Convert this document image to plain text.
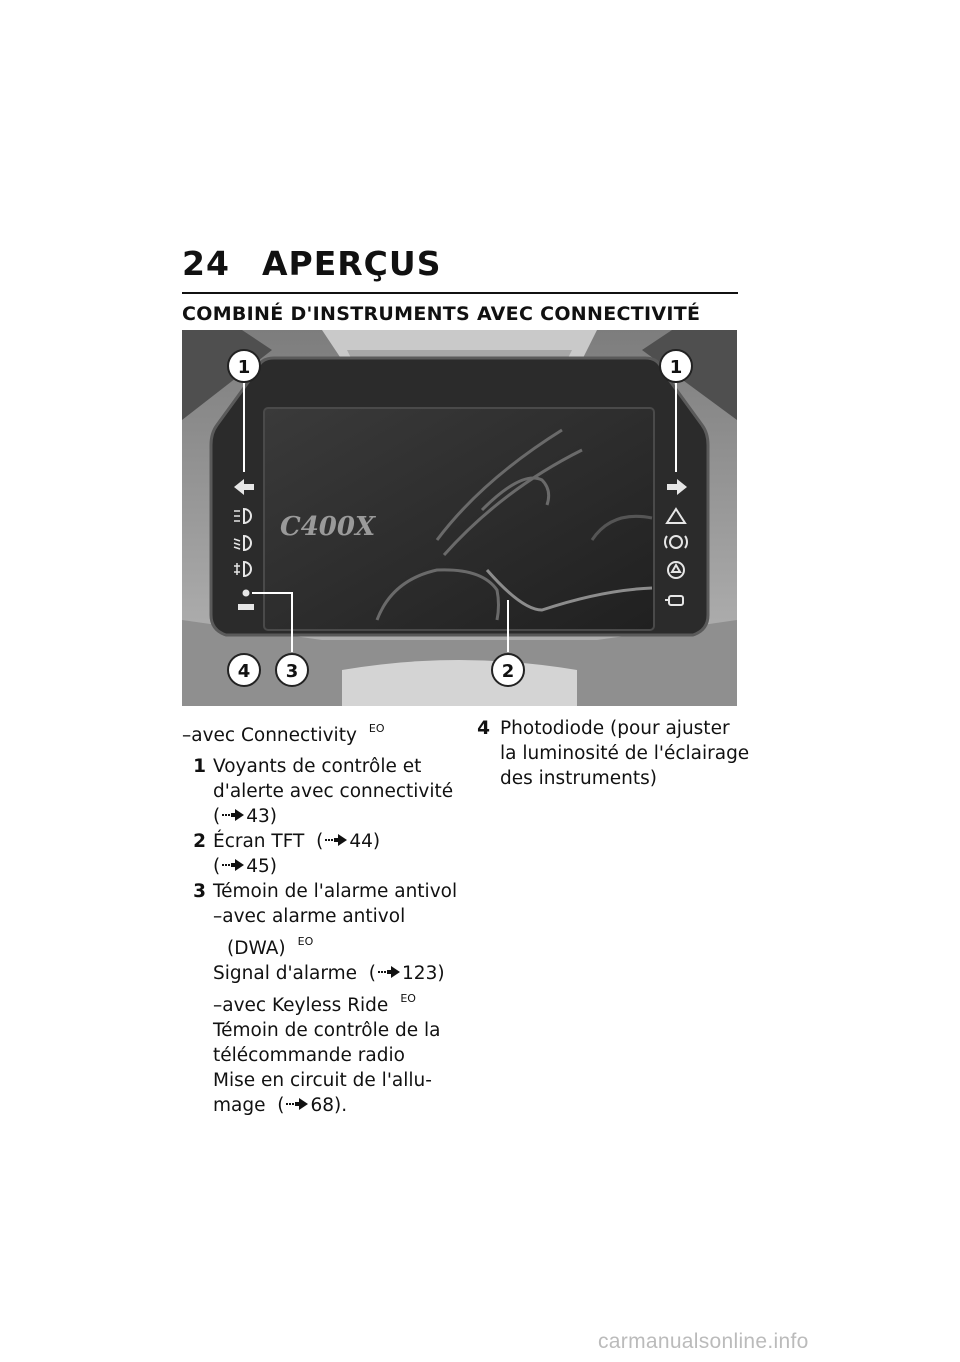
24 APERÇUS
COMBINÉ D'INSTRUMENTS AVEC CONNECTIVITÉ
C400X
1	1
2
3
4
–avec Connectivity $^{EO}$
1 Voyants de contrôle et
d'alerte avec connectivité
( 43)
2 Écran TFT  ( 44)
( 45)
3 Témoin de l'alarme antivol
–avec alarme antivol
(DWA) $^{EO}$
Signal d'alarme  ( 123)
–avec Keyless Ride $^{EO}$
Témoin de contrôle de la
télécommande radio
Mise en circuit de l'allu-
mage  ( 68).
4 Photodiode (pour ajuster
la luminosité de l'éclairage
des instruments)
carmanualsonline.info
